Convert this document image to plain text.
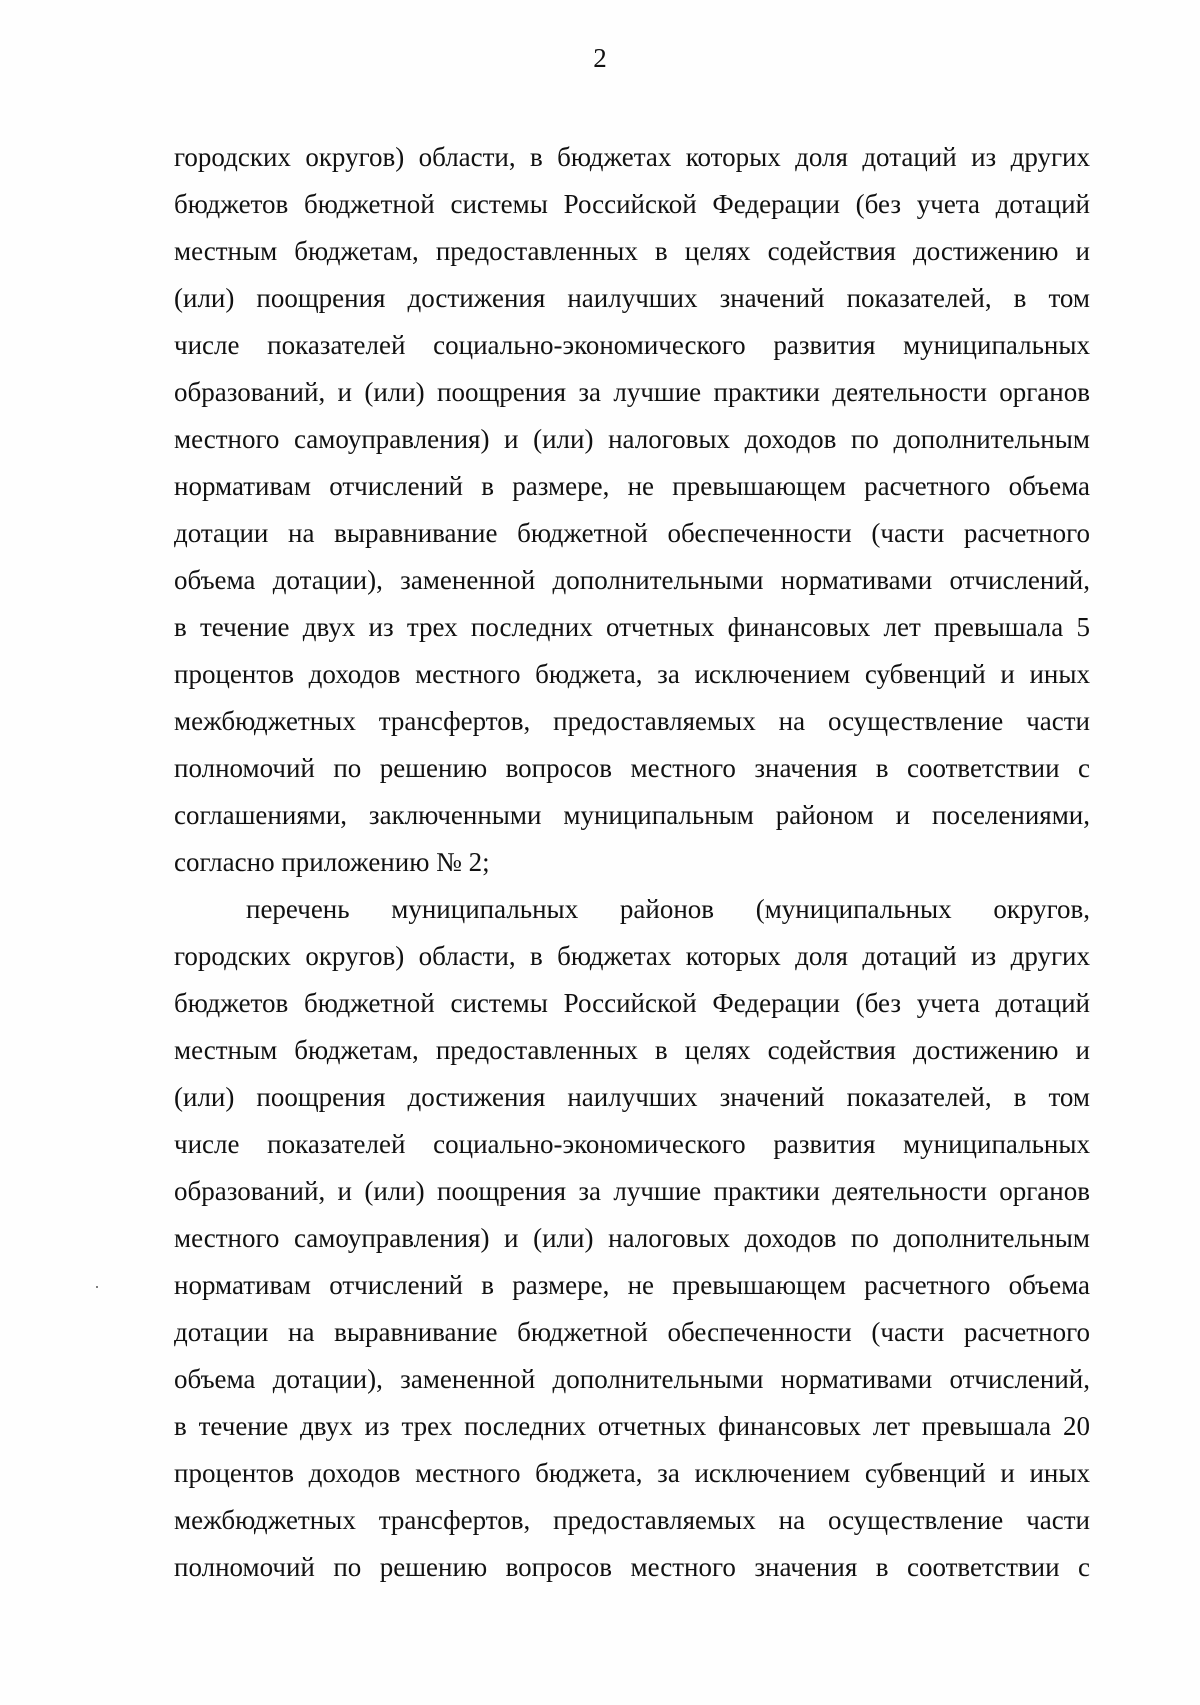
2

городских округов) области, в бюджетах которых доля дотаций из других
бюджетов бюджетной системы Российской Федерации (без учета дотаций
местным бюджетам, предоставленных в целях содействия достижению и
(или) поощрения достижения наилучших значений показателей, в том
числе показателей социально-экономического развития муниципальных
образований, и (или) поощрения за лучшие практики деятельности органов
местного самоуправления) и (или) налоговых доходов по дополнительным
нормативам отчислений в размере, не превышающем расчетного объема
дотации на выравнивание бюджетной обеспеченности (части расчетного
объема дотации), замененной дополнительными нормативами отчислений,
в течение двух из трех последних отчетных финансовых лет превышала 5
процентов доходов местного бюджета, за исключением субвенций и иных
межбюджетных трансфертов, предоставляемых на осуществление части
полномочий по решению вопросов местного значения в соответствии с
соглашениями, заключенными муниципальным районом и поселениями,
согласно приложению № 2;

перечень муниципальных районов (муниципальных округов,
городских округов) области, в бюджетах которых доля дотаций из других
бюджетов бюджетной системы Российской Федерации (без учета дотаций
местным бюджетам, предоставленных в целях содействия достижению и
(или) поощрения достижения наилучших значений показателей, в том
числе показателей социально-экономического развития муниципальных
образований, и (или) поощрения за лучшие практики деятельности органов
местного самоуправления) и (или) налоговых доходов по дополнительным
нормативам отчислений в размере, не превышающем расчетного объема
дотации на выравнивание бюджетной обеспеченности (части расчетного
объема дотации), замененной дополнительными нормативами отчислений,
в течение двух из трех последних отчетных финансовых лет превышала 20
процентов доходов местного бюджета, за исключением субвенций и иных
межбюджетных трансфертов, предоставляемых на осуществление части
полномочий по решению вопросов местного значения в соответствии с
